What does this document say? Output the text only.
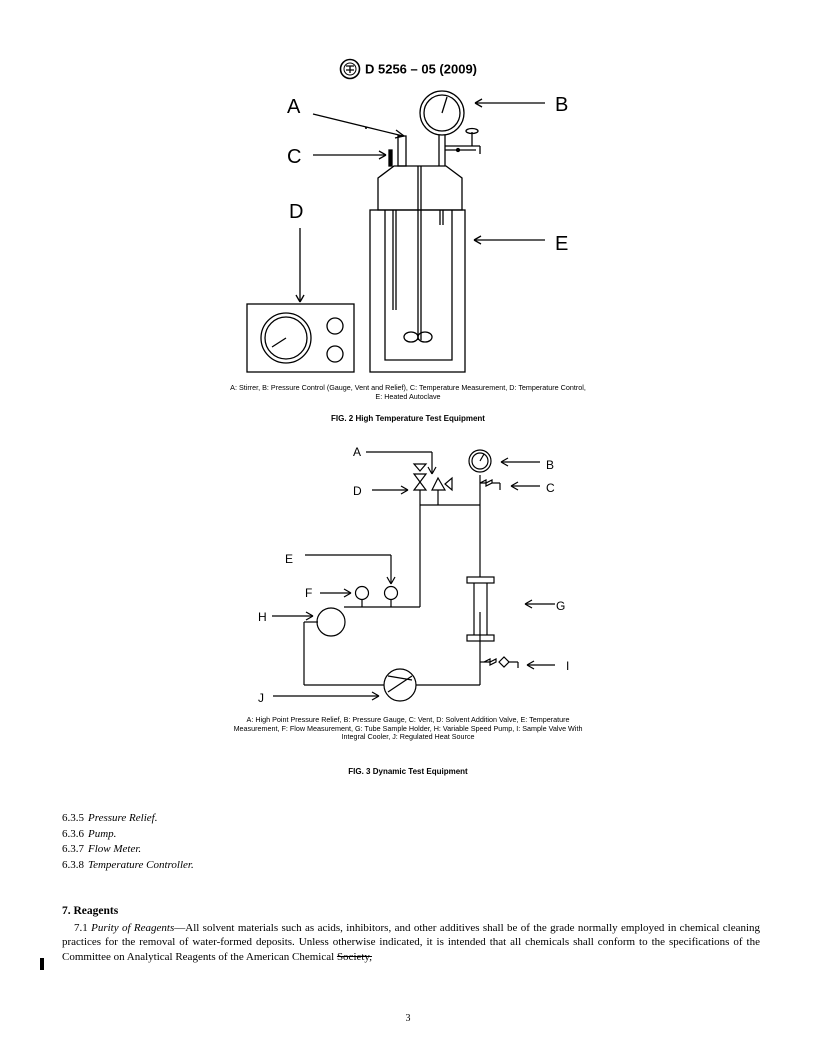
D 5256 – 05 (2009)
A
C
D
B
E
A: Stirrer, B: Pressure Control (Gauge, Vent and Relief), C: Temperature Measurement, D: Temperature Control, E: Heated Autoclave
FIG. 2 High Temperature Test Equipment
A
B
C
D
E
F
G
H
I
J
A: High Point Pressure Relief, B: Pressure Gauge, C: Vent, D: Solvent Addition Valve, E: Temperature Measurement, F: Flow Measurement, G: Tube Sample Holder, H: Variable Speed Pump, I: Sample Valve With Integral Cooler, J: Regulated Heat Source
FIG. 3 Dynamic Test Equipment
6.3.5 Pressure Relief.
6.3.6 Pump.
6.3.7 Flow Meter.
6.3.8 Temperature Controller.
7. Reagents
7.1 Purity of Reagents—All solvent materials such as acids, inhibitors, and other additives shall be of the grade normally employed in chemical cleaning practices for the removal of water-formed deposits. Unless otherwise indicated, it is intended that all chemicals shall conform to the specifications of the Committee on Analytical Reagents of the American Chemical Society,
3
